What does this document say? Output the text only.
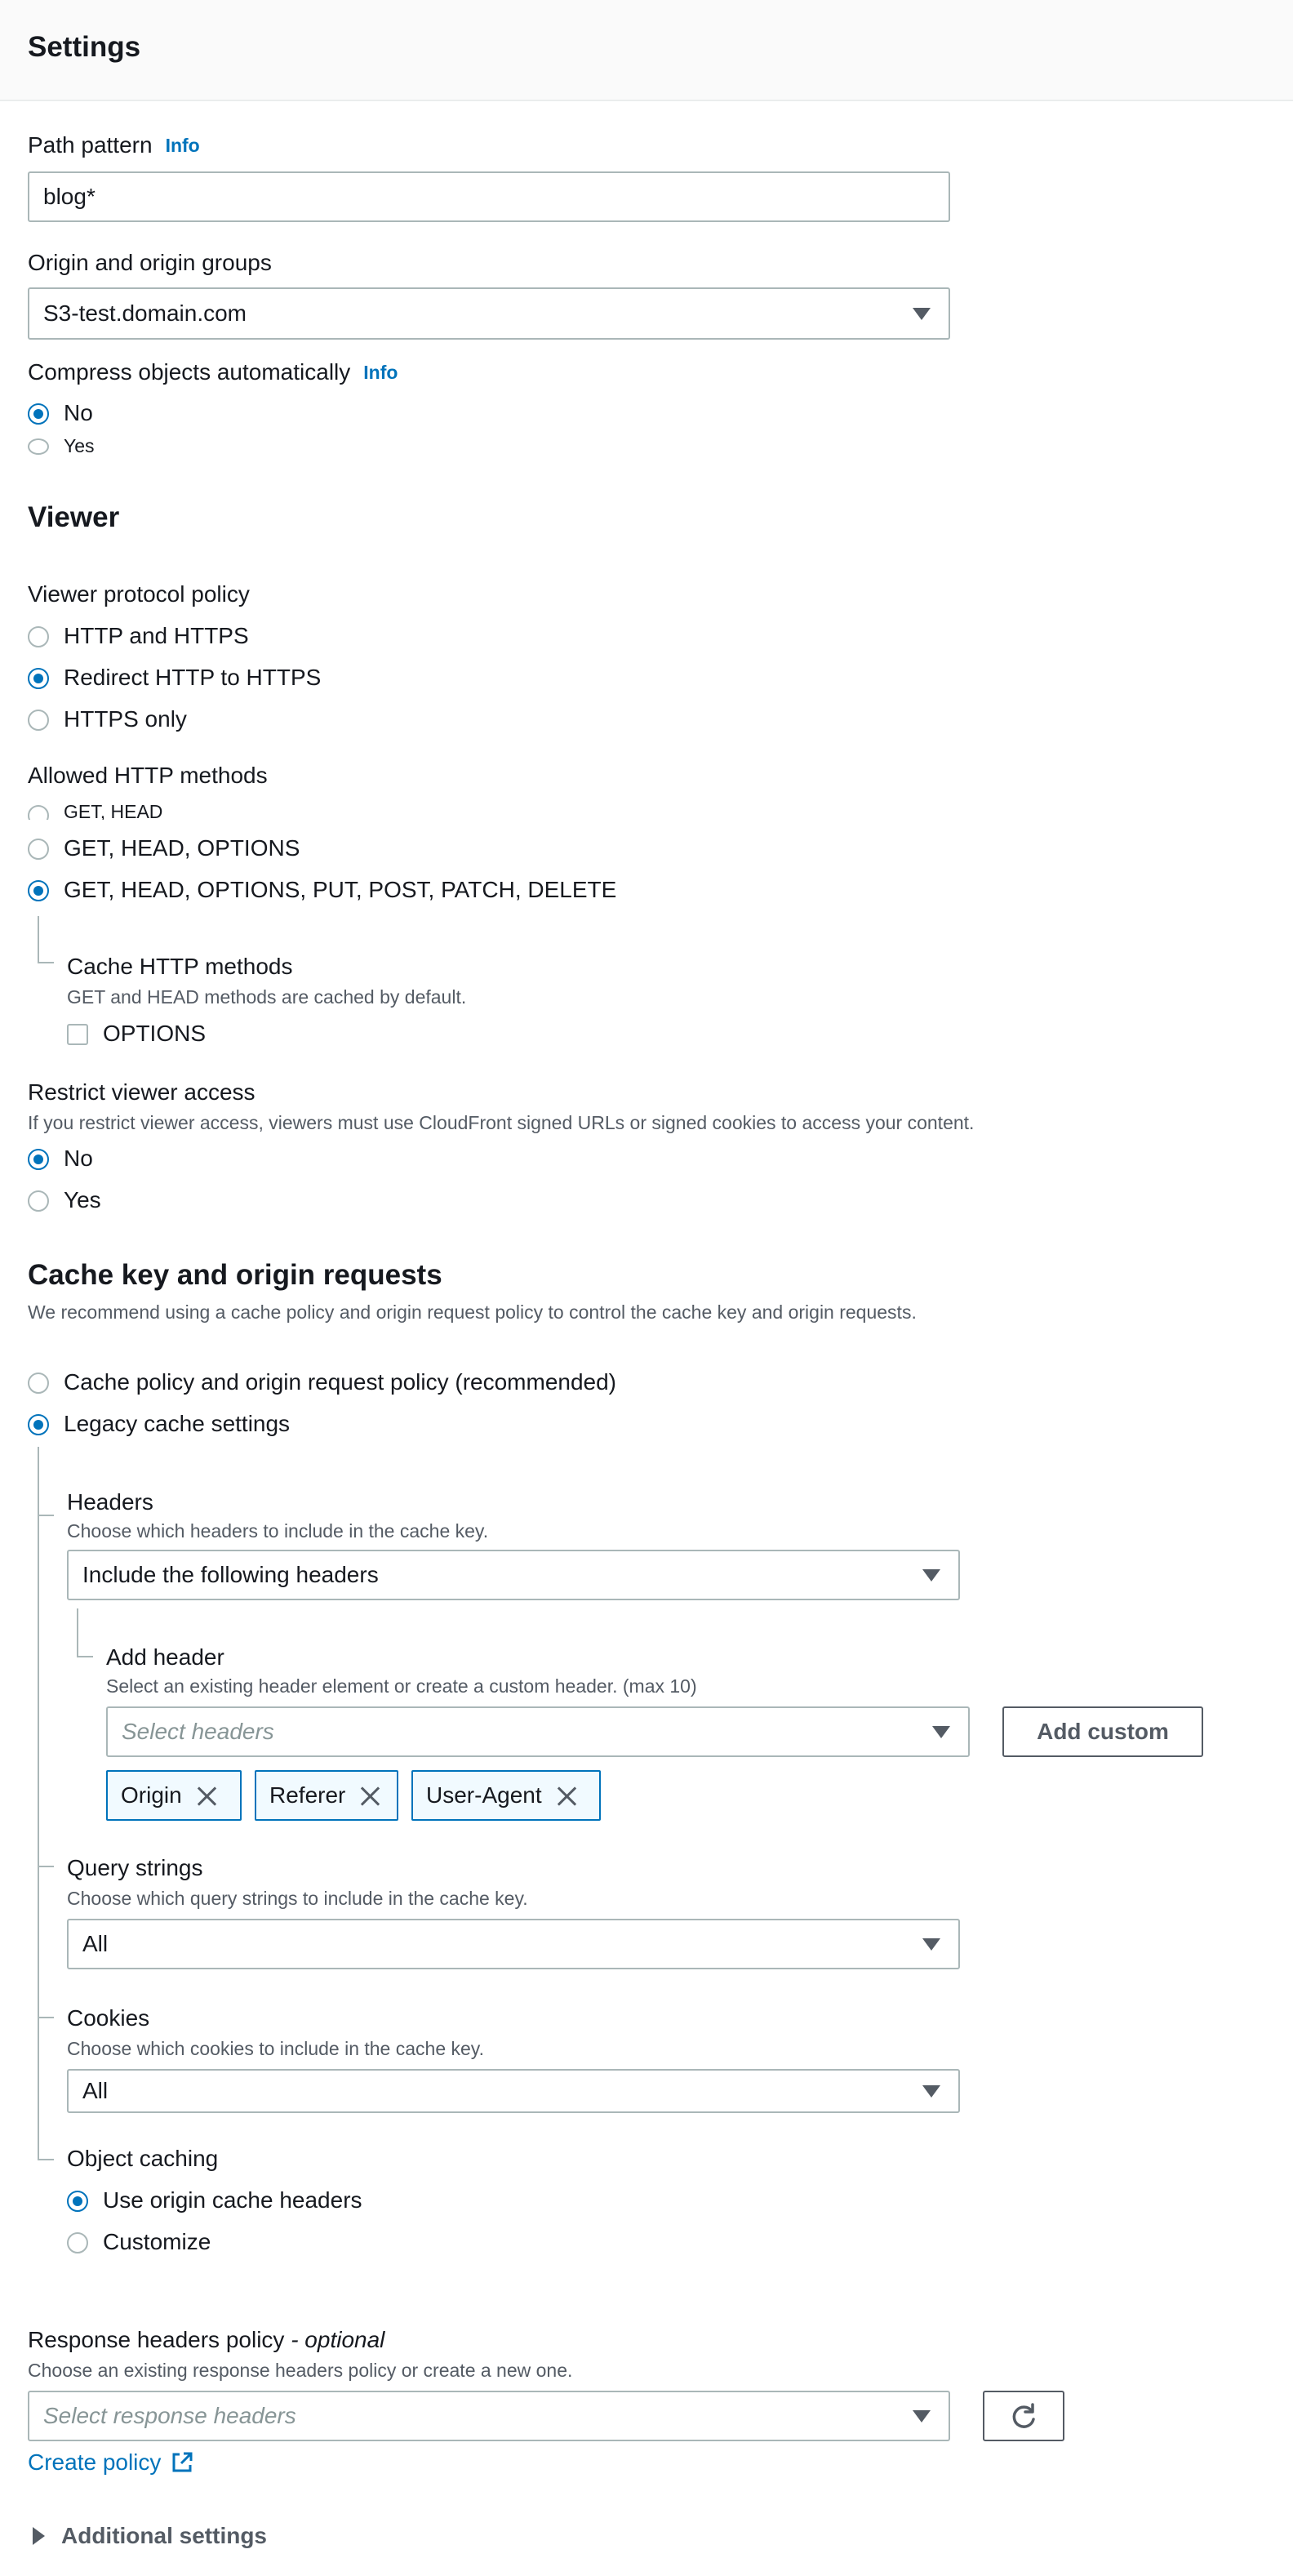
Settings
Path pattern Info
blog*
Origin and origin groups
S3-test.domain.com
Compress objects automatically Info
No
Yes
Viewer
Viewer protocol policy
HTTP and HTTPS
Redirect HTTP to HTTPS
HTTPS only
Allowed HTTP methods
GET, HEAD
GET, HEAD, OPTIONS
GET, HEAD, OPTIONS, PUT, POST, PATCH, DELETE
Cache HTTP methods
GET and HEAD methods are cached by default.
OPTIONS
Restrict viewer access
If you restrict viewer access, viewers must use CloudFront signed URLs or signed cookies to access your content.
No
Yes
Cache key and origin requests
We recommend using a cache policy and origin request policy to control the cache key and origin requests.
Cache policy and origin request policy (recommended)
Legacy cache settings
Headers
Choose which headers to include in the cache key.
Include the following headers
Add header
Select an existing header element or create a custom header. (max 10)
Select headers	Add custom
Origin	Referer	User-Agent
Query strings
Choose which query strings to include in the cache key.
All
Cookies
Choose which cookies to include in the cache key.
All
Object caching
Use origin cache headers
Customize
Response headers policy - optional
Choose an existing response headers policy or create a new one.
Select response headers
Create policy
Additional settings
